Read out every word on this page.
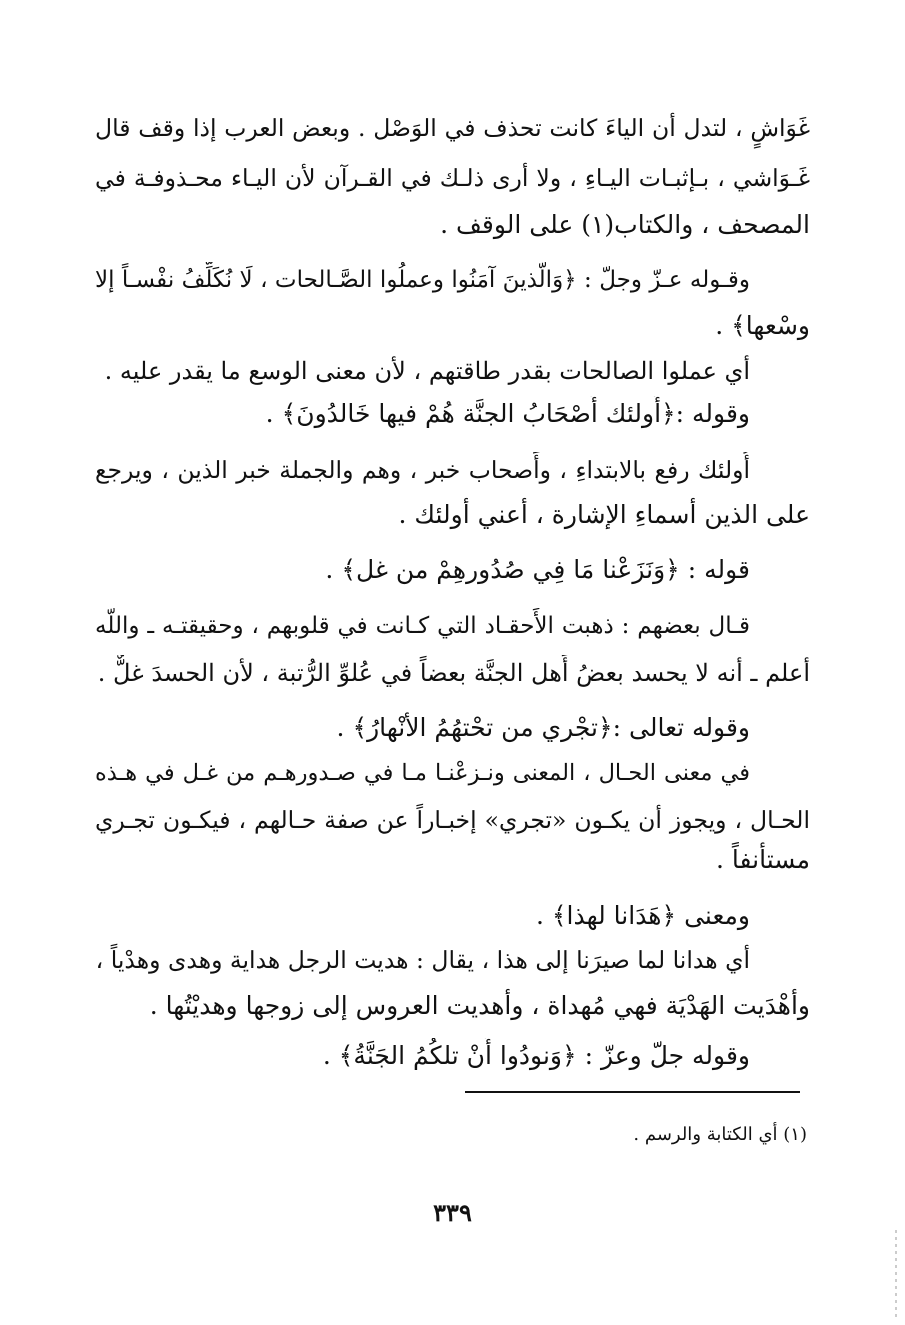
غَوَاشٍ ، لتدل أن الياءَ كانت تحذف في الوَصْل . وبعض العرب إذا وقف قال
غَـوَاشي ، بـإثبـات اليـاءِ ، ولا أرى ذلـك في القـرآن لأن اليـاء محـذوفـة في
المصحف ، والكتاب(١) على الوقف .
وقـوله عـزّ وجلّ : ﴿وَالَّذينَ آمَنُوا وعملُوا الصَّـالحات ، لَا نُكَلِّفُ نفْسـاً إلا
وسْعها﴾ .
أي عملوا الصالحات بقدر طاقتهم ، لأن معنى الوسع ما يقدر عليه .
وقوله :﴿أُولئك أَصْحَابُ الجنَّة هُمْ فيها خَالدُونَ﴾ .
أُولئك رفع بالابتداءِ ، وأَصحاب خبر ، وهم والجملة خبر الذين ، ويرجع
على الذين أسماءِ الإشارة ، أعني أولئك .
قوله : ﴿وَنَزَعْنا مَا فِي صُدُورهِمْ من غل﴾ .
قـال بعضهم : ذهبت الأَحقـاد التي كـانت في قلوبهم ، وحقيقتـه ـ واللّه
أعلم ـ أنه لا يحسد بعضُ أَهل الجنَّة بعضاً في عُلوِّ الرُّتبة ، لأن الحسدَ غلٌّ .
وقوله تعالى :﴿تجْري من تحْتهُمُ الأنْهارُ﴾ .
في معنى الحـال ، المعنى ونـزعْنـا مـا في صـدورهـم من غـل في هـذه
الحـال ، ويجوز أن يكـون «تجري» إخبـاراً عن صفة حـالهم ، فيكـون تجـري
مستأنفاً .
ومعنى ﴿هَدَانا لهذا﴾ .
أي هدانا لما صيرَنا إلى هذا ، يقال : هديت الرجل هداية وهدى وهدْياً ،
وأهْدَيت الهَدْيَة فهي مُهداة ، وأهديت العروس إلى زوجها وهديْتُها .
وقوله جلّ وعزّ : ﴿وَنودُوا أَنْ تلكُمُ الجَنَّةُ﴾ .
(١) أي الكتابة والرسم .
٣٣٩
